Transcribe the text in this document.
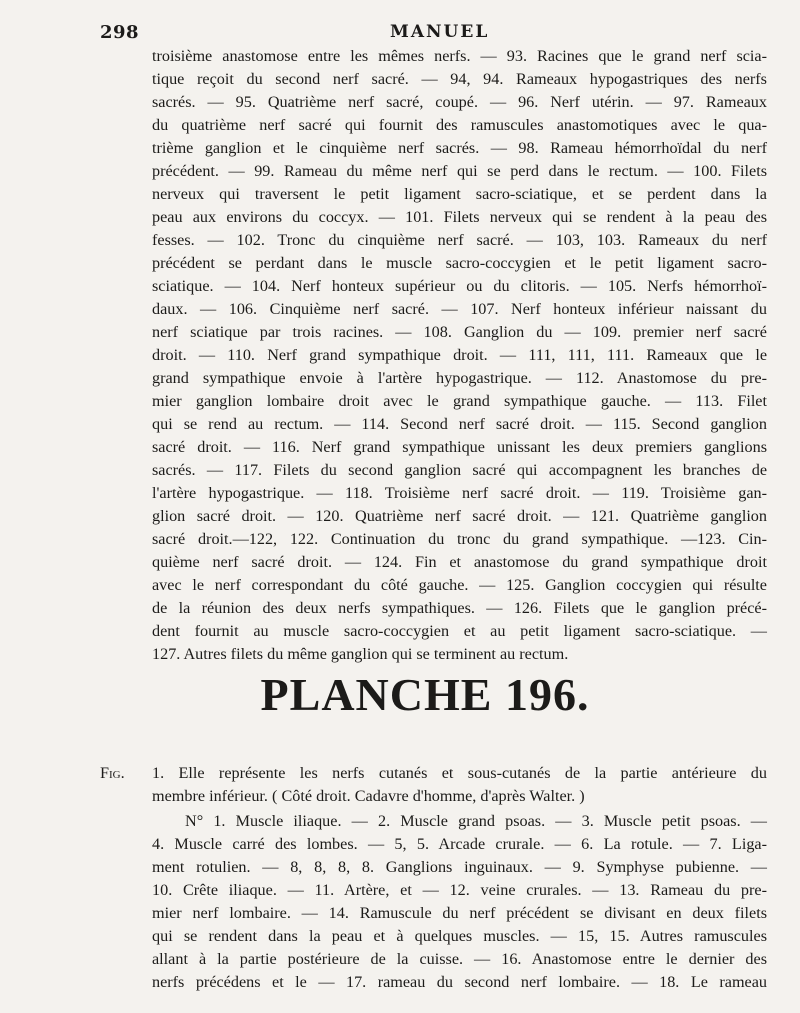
298	MANUEL
troisième anastomose entre les mêmes nerfs. — 93. Racines que le grand nerf scia-
tique reçoit du second nerf sacré. — 94, 94. Rameaux hypogastriques des nerfs
sacrés. — 95. Quatrième nerf sacré, coupé. — 96. Nerf utérin. — 97. Rameaux
du quatrième nerf sacré qui fournit des ramuscules anastomotiques avec le qua-
trième ganglion et le cinquième nerf sacrés. — 98. Rameau hémorrhoïdal du nerf
précédent. — 99. Rameau du même nerf qui se perd dans le rectum. — 100. Filets
nerveux qui traversent le petit ligament sacro-sciatique, et se perdent dans la
peau aux environs du coccyx. — 101. Filets nerveux qui se rendent à la peau des
fesses. — 102. Tronc du cinquième nerf sacré. — 103, 103. Rameaux du nerf
précédent se perdant dans le muscle sacro-coccygien et le petit ligament sacro-
sciatique. — 104. Nerf honteux supérieur ou du clitoris. — 105. Nerfs hémorrhoï-
daux. — 106. Cinquième nerf sacré. — 107. Nerf honteux inférieur naissant du
nerf sciatique par trois racines. — 108. Ganglion du — 109. premier nerf sacré
droit. — 110. Nerf grand sympathique droit. — 111, 111, 111. Rameaux que le
grand sympathique envoie à l'artère hypogastrique. — 112. Anastomose du pre-
mier ganglion lombaire droit avec le grand sympathique gauche. — 113. Filet
qui se rend au rectum. — 114. Second nerf sacré droit. — 115. Second ganglion
sacré droit. — 116. Nerf grand sympathique unissant les deux premiers ganglions
sacrés. — 117. Filets du second ganglion sacré qui accompagnent les branches de
l'artère hypogastrique. — 118. Troisième nerf sacré droit. — 119. Troisième gan-
glion sacré droit. — 120. Quatrième nerf sacré droit. — 121. Quatrième ganglion
sacré droit.—122, 122. Continuation du tronc du grand sympathique. —123. Cin-
quième nerf sacré droit. — 124. Fin et anastomose du grand sympathique droit
avec le nerf correspondant du côté gauche. — 125. Ganglion coccygien qui résulte
de la réunion des deux nerfs sympathiques. — 126. Filets que le ganglion précé-
dent fournit au muscle sacro-coccygien et au petit ligament sacro-sciatique. —
127. Autres filets du même ganglion qui se terminent au rectum.
Fig.	1. Elle représente les nerfs cutanés et sous-cutanés de la partie antérieure du
membre inférieur. ( Côté droit. Cadavre d'homme, d'après Walter. )
N° 1. Muscle iliaque. — 2. Muscle grand psoas. — 3. Muscle petit psoas. —
4. Muscle carré des lombes. — 5, 5. Arcade crurale. — 6. La rotule. — 7. Liga-
ment rotulien. — 8, 8, 8, 8. Ganglions inguinaux. — 9. Symphyse pubienne. —
10. Crête iliaque. — 11. Artère, et — 12. veine crurales. — 13. Rameau du pre-
mier nerf lombaire. — 14. Ramuscule du nerf précédent se divisant en deux filets
qui se rendent dans la peau et à quelques muscles. — 15, 15. Autres ramuscules
allant à la partie postérieure de la cuisse. — 16. Anastomose entre le dernier des
nerfs précédens et le — 17. rameau du second nerf lombaire. — 18. Le rameau
PLANCHE 196.
